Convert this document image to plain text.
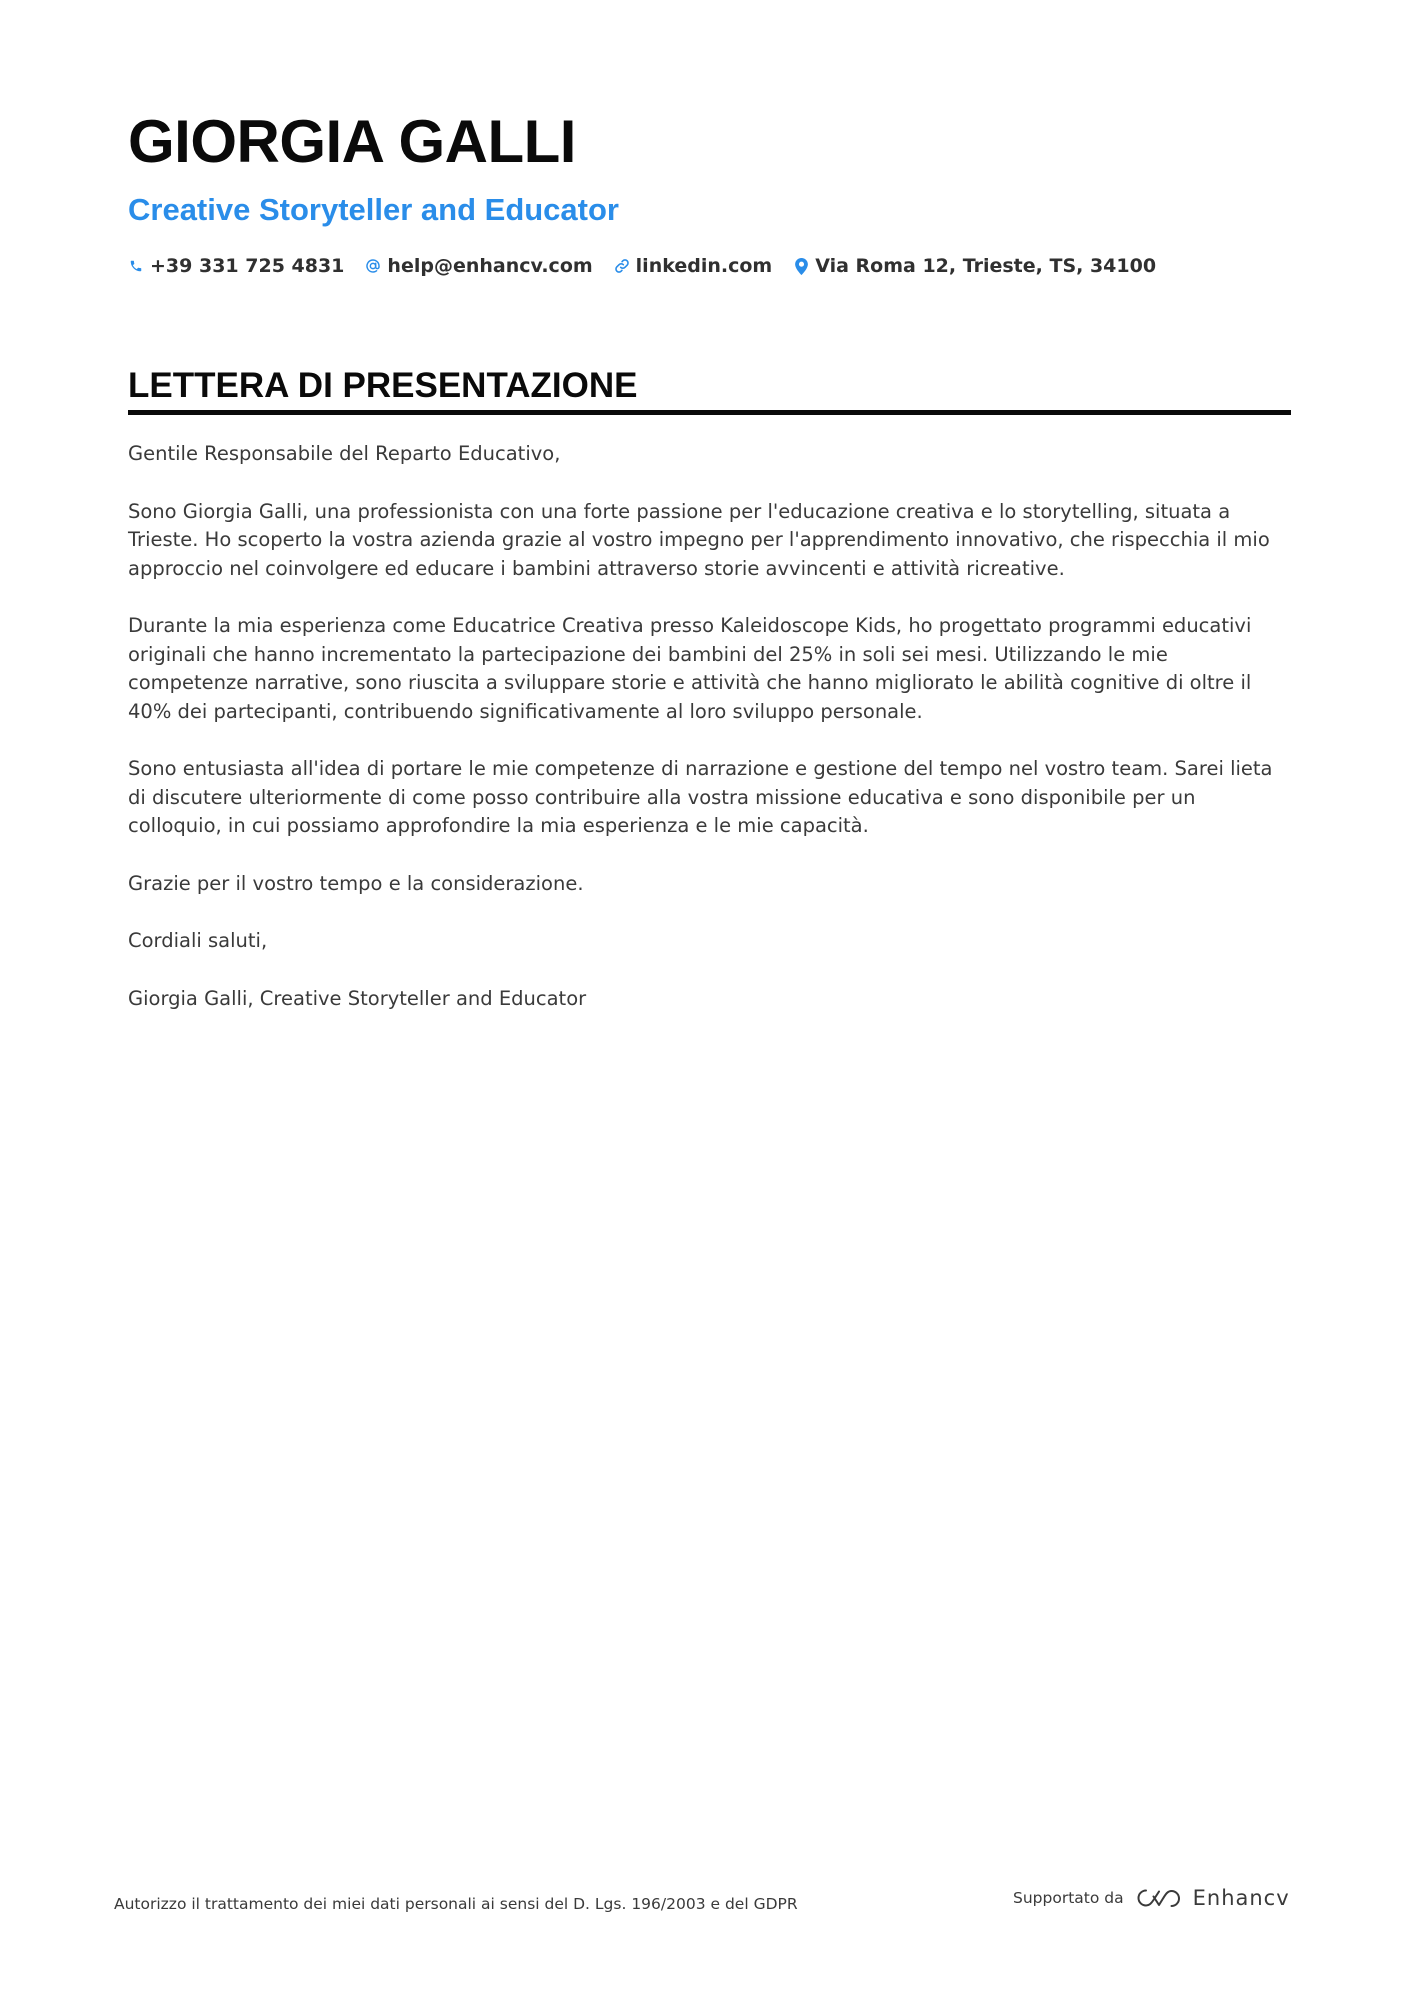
GIORGIA GALLI
Creative Storyteller and Educator
+39 331 725 4831 help@enhancv.com linkedin.com Via Roma 12, Trieste, TS, 34100
LETTERA DI PRESENTAZIONE

Gentile Responsabile del Reparto Educativo,

Sono Giorgia Galli, una professionista con una forte passione per l'educazione creativa e lo storytelling, situata a Trieste. Ho scoperto la vostra azienda grazie al vostro impegno per l'apprendimento innovativo, che rispecchia il mio approccio nel coinvolgere ed educare i bambini attraverso storie avvincenti e attività ricreative.

Durante la mia esperienza come Educatrice Creativa presso Kaleidoscope Kids, ho progettato programmi educativi originali che hanno incrementato la partecipazione dei bambini del 25% in soli sei mesi. Utilizzando le mie competenze narrative, sono riuscita a sviluppare storie e attività che hanno migliorato le abilità cognitive di oltre il 40% dei partecipanti, contribuendo significativamente al loro sviluppo personale.

Sono entusiasta all'idea di portare le mie competenze di narrazione e gestione del tempo nel vostro team. Sarei lieta di discutere ulteriormente di come posso contribuire alla vostra missione educativa e sono disponibile per un colloquio, in cui possiamo approfondire la mia esperienza e le mie capacità.

Grazie per il vostro tempo e la considerazione.

Cordiali saluti,

Giorgia Galli, Creative Storyteller and Educator

Autorizzo il trattamento dei miei dati personali ai sensi del D. Lgs. 196/2003 e del GDPR	Supportato da	Enhancv
